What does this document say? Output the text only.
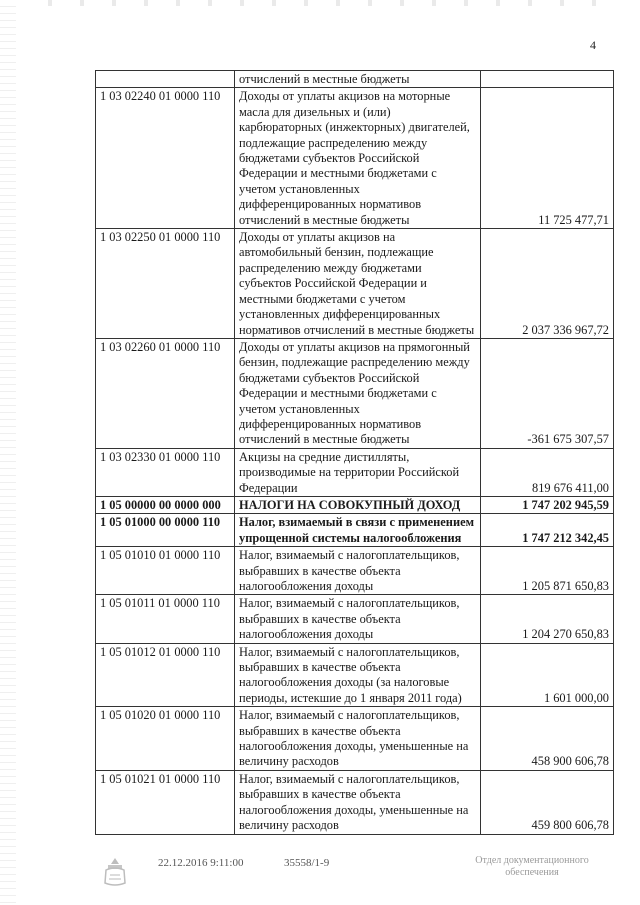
4
	отчислений в местные бюджеты	
1 03 02240 01 0000 110	Доходы от уплаты акцизов на моторные масла для дизельных и (или) карбюраторных (инжекторных) двигателей, подлежащие распределению между бюджетами субъектов Российской Федерации и местными бюджетами с учетом установленных дифференцированных нормативов отчислений в местные бюджеты	11 725 477,71
1 03 02250 01 0000 110	Доходы от уплаты акцизов на автомобильный бензин, подлежащие распределению между бюджетами субъектов Российской Федерации и местными бюджетами с учетом установленных дифференцированных нормативов отчислений в местные бюджеты	2 037 336 967,72
1 03 02260 01 0000 110	Доходы от уплаты акцизов на прямогонный бензин, подлежащие распределению между бюджетами субъектов Российской Федерации и местными бюджетами с учетом установленных дифференцированных нормативов отчислений в местные бюджеты	-361 675 307,57
1 03 02330 01 0000 110	Акцизы на средние дистилляты, производимые на территории Российской Федерации	819 676 411,00
1 05 00000 00 0000 000	НАЛОГИ НА СОВОКУПНЫЙ ДОХОД	1 747 202 945,59
1 05 01000 00 0000 110	Налог, взимаемый в связи с применением упрощенной системы налогообложения	1 747 212 342,45
1 05 01010 01 0000 110	Налог, взимаемый с налогоплательщиков, выбравших в качестве объекта налогообложения доходы	1 205 871 650,83
1 05 01011 01 0000 110	Налог, взимаемый с налогоплательщиков, выбравших в качестве объекта налогообложения доходы	1 204 270 650,83
1 05 01012 01 0000 110	Налог, взимаемый с налогоплательщиков, выбравших в качестве объекта налогообложения доходы (за налоговые периоды, истекшие до 1 января 2011 года)	1 601 000,00
1 05 01020 01 0000 110	Налог, взимаемый с налогоплательщиков, выбравших в качестве объекта налогообложения доходы, уменьшенные на величину расходов	458 900 606,78
1 05 01021 01 0000 110	Налог, взимаемый с налогоплательщиков, выбравших в качестве объекта налогообложения доходы, уменьшенные на величину расходов	459 800 606,78
22.12.2016 9:11:00	35558/1-9	Отдел документационного
обеспечения
